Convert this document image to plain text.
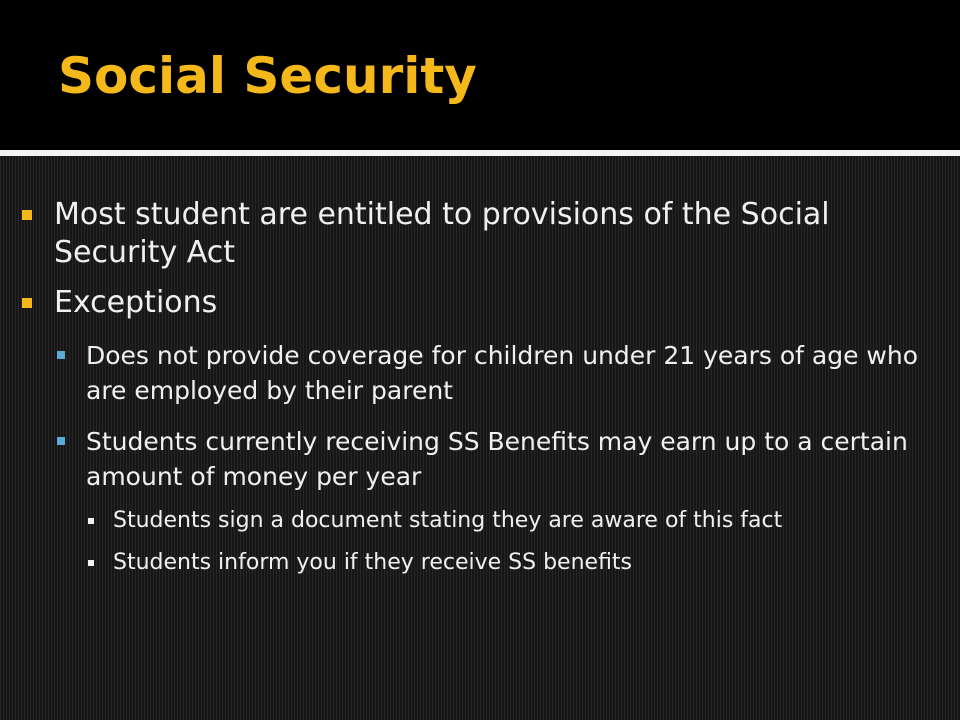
Social Security
Most student are entitled to provisions of the Social Security Act
Exceptions
Does not provide coverage for children under 21 years of age who are employed by their parent
Students currently receiving SS Benefits may earn up to a certain amount of money per year
Students sign a document stating they are aware of this fact
Students inform you if they receive SS benefits
